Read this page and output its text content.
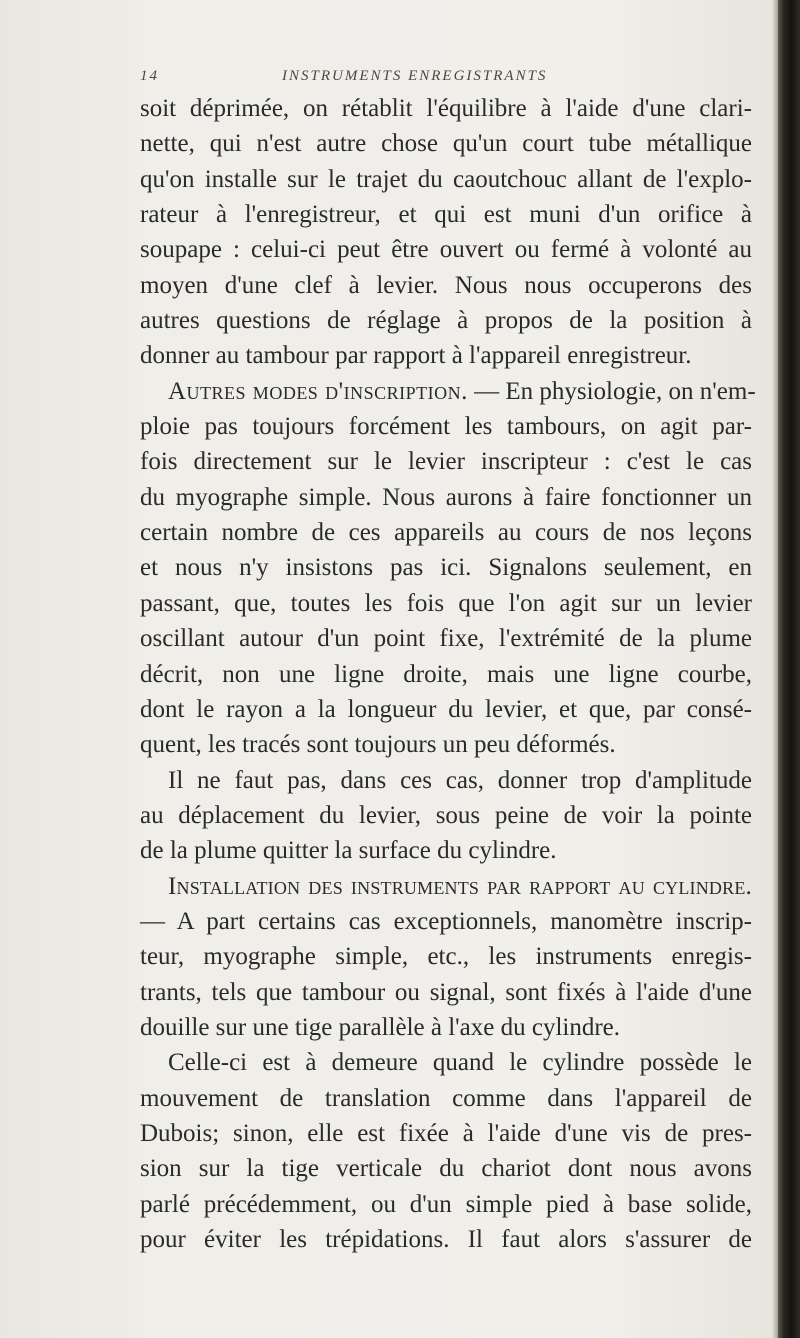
14	INSTRUMENTS ENREGISTRANTS
soit déprimée, on rétablit l'équilibre à l'aide d'une clari-
nette, qui n'est autre chose qu'un court tube métallique
qu'on installe sur le trajet du caoutchouc allant de l'explo-
rateur à l'enregistreur, et qui est muni d'un orifice à
soupape : celui-ci peut être ouvert ou fermé à volonté au
moyen d'une clef à levier. Nous nous occuperons des
autres questions de réglage à propos de la position à
donner au tambour par rapport à l'appareil enregistreur.
Autres modes d'inscription. — En physiologie, on n'em-
ploie pas toujours forcément les tambours, on agit par-
fois directement sur le levier inscripteur : c'est le cas
du myographe simple. Nous aurons à faire fonctionner un
certain nombre de ces appareils au cours de nos leçons
et nous n'y insistons pas ici. Signalons seulement, en
passant, que, toutes les fois que l'on agit sur un levier
oscillant autour d'un point fixe, l'extrémité de la plume
décrit, non une ligne droite, mais une ligne courbe,
dont le rayon a la longueur du levier, et que, par consé-
quent, les tracés sont toujours un peu déformés.
Il ne faut pas, dans ces cas, donner trop d'amplitude
au déplacement du levier, sous peine de voir la pointe
de la plume quitter la surface du cylindre.
Installation des instruments par rapport au cylindre.
— A part certains cas exceptionnels, manomètre inscrip-
teur, myographe simple, etc., les instruments enregis-
trants, tels que tambour ou signal, sont fixés à l'aide d'une
douille sur une tige parallèle à l'axe du cylindre.
Celle-ci est à demeure quand le cylindre possède le
mouvement de translation comme dans l'appareil de
Dubois; sinon, elle est fixée à l'aide d'une vis de pres-
sion sur la tige verticale du chariot dont nous avons
parlé précédemment, ou d'un simple pied à base solide,
pour éviter les trépidations. Il faut alors s'assurer de
